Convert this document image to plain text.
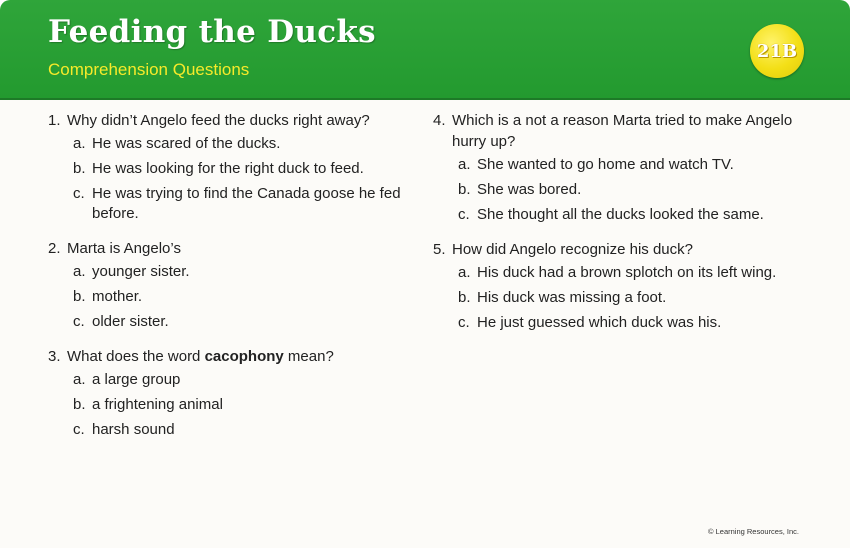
Feeding the Ducks
Comprehension Questions
21B
1. Why didn’t Angelo feed the ducks right away?
a. He was scared of the ducks.
b. He was looking for the right duck to feed.
c. He was trying to find the Canada goose he fed before.
2. Marta is Angelo’s
a. younger sister.
b. mother.
c. older sister.
3. What does the word cacophony mean?
a. a large group
b. a frightening animal
c. harsh sound
4. Which is a not a reason Marta tried to make Angelo hurry up?
a. She wanted to go home and watch TV.
b. She was bored.
c. She thought all the ducks looked the same.
5. How did Angelo recognize his duck?
a. His duck had a brown splotch on its left wing.
b. His duck was missing a foot.
c. He just guessed which duck was his.
© Learning Resources, Inc.
